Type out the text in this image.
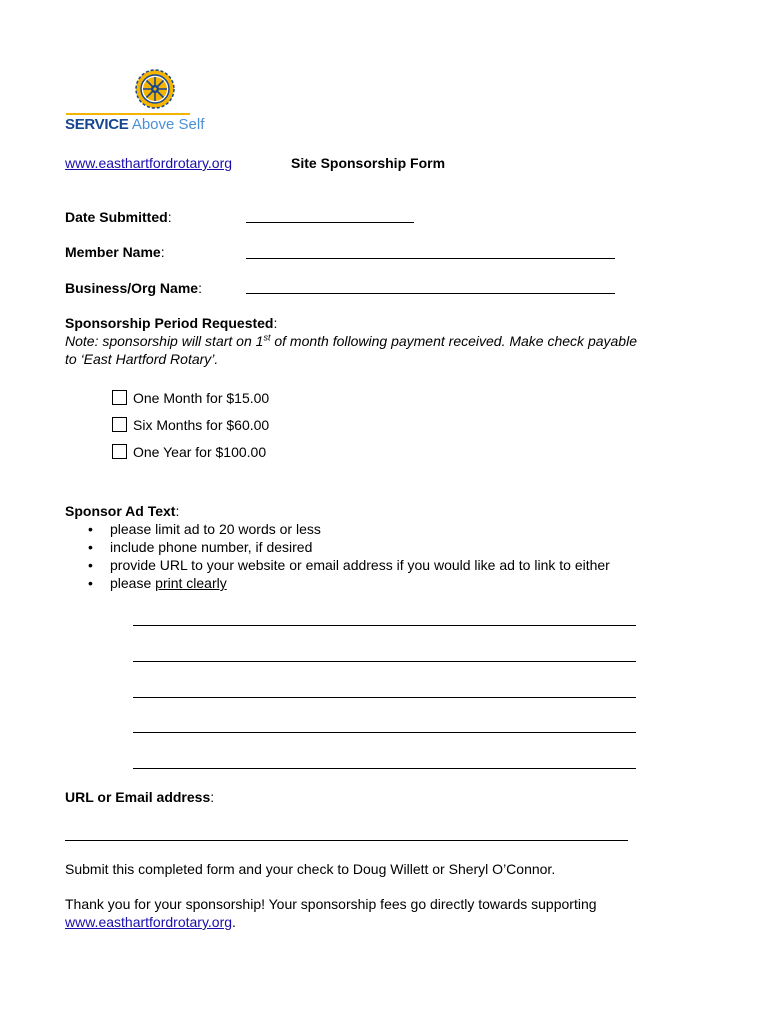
SERVICE Above Self
www.easthartfordrotary.org	Site Sponsorship Form
Date Submitted:
Member Name:
Business/Org Name:
Sponsorship Period Requested:
Note: sponsorship will start on 1st of month following payment received. Make check payable
to ‘East Hartford Rotary’.
One Month for $15.00
Six Months for $60.00
One Year for $100.00
Sponsor Ad Text:
• please limit ad to 20 words or less
• include phone number, if desired
• provide URL to your website or email address if you would like ad to link to either
• please print clearly
URL or Email address:
Submit this completed form and your check to Doug Willett or Sheryl O’Connor.
Thank you for your sponsorship! Your sponsorship fees go directly towards supporting
www.easthartfordrotary.org.
